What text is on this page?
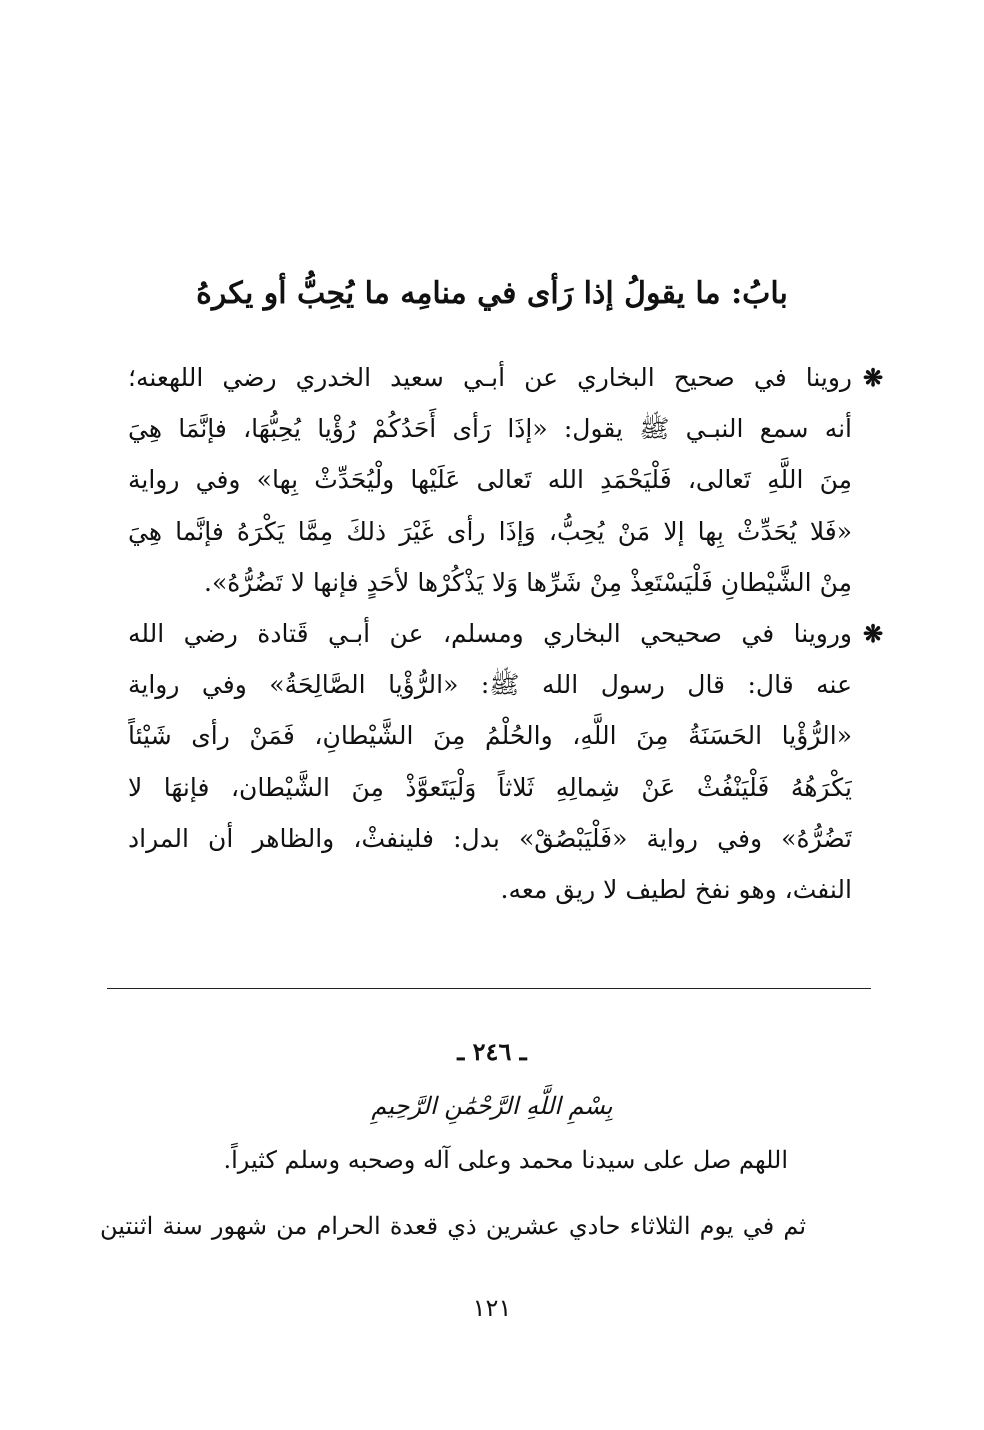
بابُ: ما يقولُ إذا رَأى في منامِه ما يُحِبُّ أو يكرهُ
❋
روينا في صحيح البخاري عن أبـي سعيد الخدري رضي اللهعنه؛
أنه سمع النبـي ﷺ يقول: «إذَا رَأى أَحَدُكُمْ رُؤْيا يُحِبُّهَا، فإنَّمَا هِيَ
مِنَ اللَّهِ تَعالى، فَلْيَحْمَدِ الله تَعالى عَلَيْها ولْيُحَدِّثْ بِها» وفي رواية
«فَلا يُحَدِّثْ بِها إلا مَنْ يُحِبُّ، وَإذَا رأى غَيْرَ ذلكَ مِمَّا يَكْرَهُ فإنَّما هِيَ
مِنْ الشَّيْطانِ فَلْيَسْتَعِذْ مِنْ شَرِّها وَلا يَذْكُرْها لأحَدٍ فإنها لا تَضُرُّهُ».
❋
وروينا في صحيحي البخاري ومسلم، عن أبـي قَتادة رضي الله
عنه قال: قال رسول الله ﷺ: «الرُّؤْيا الصَّالِحَةُ» وفي رواية
«الرُّؤْيا الحَسَنَةُ مِنَ اللَّهِ، والحُلْمُ مِنَ الشَّيْطانِ، فَمَنْ رأى شَيْئاً
يَكْرَهُهُ فَلْيَنْفُثْ عَنْ شِمالِهِ ثَلاثاً وَلْيَتَعوَّذْ مِنَ الشَّيْطان، فإنهَا لا
تَضُرُّهُ» وفي رواية «فَلْيَبْصُقْ» بدل: فلينفثْ، والظاهر أن المراد
النفث، وهو نفخ لطيف لا ريق معه.
ـ ٢٤٦ ـ
بِسْمِ اللَّهِ الرَّحْمَٰنِ الرَّحِيمِ
اللهم صل على سيدنا محمد وعلى آله وصحبه وسلم كثيراً.
ثم في يوم الثلاثاء حادي عشرين ذي قعدة الحرام من شهور سنة اثنتين
١٢١
